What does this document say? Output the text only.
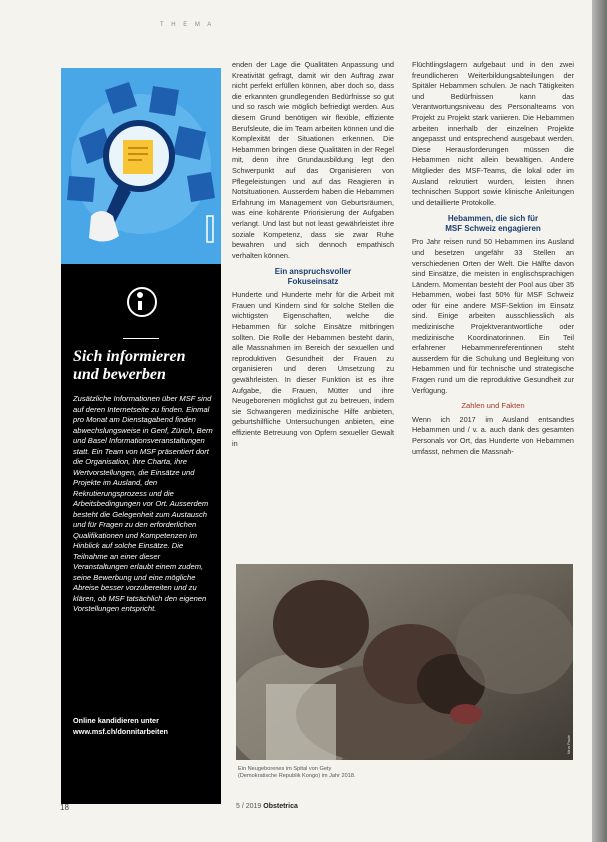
T H E M A
Sich informieren und bewerben

Zusätzliche Informationen über MSF sind auf deren Internetseite zu finden. Einmal pro Monat am Dienstagabend finden abwechslungsweise in Genf, Zürich, Bern und Basel Informationsveranstaltungen statt. Ein Team von MSF präsentiert dort die Organisation, ihre Charta, ihre Wertvorstellungen, die Einsätze und Projekte im Ausland, den Rekrutierungsprozess und die Arbeitsbedingungen vor Ort. Ausserdem besteht die Gelegenheit zum Austausch und für Fragen zu den erforderlichen Qualifikationen und Kompetenzen im Hinblick auf solche Einsätze. Die Teilnahme an einer dieser Veranstaltungen erlaubt einem zudem, seine Bewerbung und eine mögliche Abreise besser vorzubereiten und zu klären, ob MSF tatsächlich den eigenen Vorstellungen entspricht.

Online kandidieren unter
www.msf.ch/donnitarbeiten

enden der Lage die Qualitäten Anpassung und Kreativität gefragt, damit wir den Auftrag zwar nicht perfekt erfüllen können, aber doch so, dass die erkannten grundlegenden Bedürfnisse so gut und so rasch wie möglich befriedigt werden. Aus diesem Grund benötigen wir flexible, effiziente Berufsleute, die im Team arbeiten können und die Komplexität der Situationen erkennen. Die Hebammen bringen diese Qualitäten in der Regel mit, denn ihre Grundausbildung legt den Schwerpunkt auf das Organisieren von Pflegeleistungen und auf das Reagieren in Notsituationen. Ausserdem haben die Hebammen Erfahrung im Management von Geburtsräumen, was eine kohärente Priorisierung der Aufgaben verlangt. Und last but not least gewährleistet ihre soziale Kompetenz, dass sie zwar Ruhe bewahren und sich dennoch empathisch verhalten können.

Ein anspruchsvoller
Fokuseinsatz

Hunderte und Hunderte mehr für die Arbeit mit Frauen und Kindern sind für solche Stellen die wichtigsten Eigenschaften, welche die Hebammen für solche Einsätze mitbringen sollten. Die Rolle der Hebammen besteht darin, alle Massnahmen im Bereich der sexuellen und reproduktiven Gesundheit der Frauen zu organisieren und deren Umsetzung zu gewährleisten. In dieser Funktion ist es ihre Aufgabe, die Frauen, Mütter und ihre Neugeborenen möglichst gut zu betreuen, indem sie Schwangeren medizinische Hilfe anbieten, geburtshilfliche Untersuchungen anbieten, eine effiziente Betreuung von Opfern sexueller Gewalt in

Flüchtlingslagern aufgebaut und in den zwei freundlicheren Weiterbildungsabteilungen der Spitäler Hebammen schulen. Je nach Tätigkeiten und Bedürfnissen kann das Verantwortungsniveau des Personalteams von Projekt zu Projekt stark variieren. Die Hebammen arbeiten innerhalb der einzelnen Projekte angepasst und entsprechend ausgebaut werden. Diese Herausforderungen müssen die Hebammen nicht allein bewältigen. Andere Mitglieder des MSF-Teams, die lokal oder im Ausland rekrutiert wurden, leisten ihnen technischen Support sowie klinische Anleitungen und detaillierte Protokolle.

Hebammen, die sich für
MSF Schweiz engagieren

Pro Jahr reisen rund 50 Hebammen ins Ausland und besetzen ungefähr 33 Stellen an verschiedenen Orten der Welt. Die Hälfte davon sind Einsätze, die meisten in englischsprachigen Ländern. Momentan besteht der Pool aus über 35 Hebammen, wobei fast 50% für MSF Schweiz oder für eine andere MSF-Sektion im Einsatz sind. Einige arbeiten ausschliesslich als medizinische Projektverantwortliche oder medizinische Koordinatorinnen. Ein Teil erfahrener Hebammenreferentinnen steht ausserdem für die Schulung und Begleitung von Hebammen und für technische und strategische Fragen rund um die reproduktive Gesundheit zur Verfügung.

Zahlen und Fakten

Wenn ich 2017 im Ausland entsandtes Hebammen und / v. a. auch dank des gesamten Personals vor Ort, das Hunderte von Hebammen umfasst, nehmen die Massnah-

Nina Pavle

Ein Neugeborenes im Spital von Gety
(Demokratische Republik Kongo) im Jahr 2018.

18	5 / 2019 Obstetrica
